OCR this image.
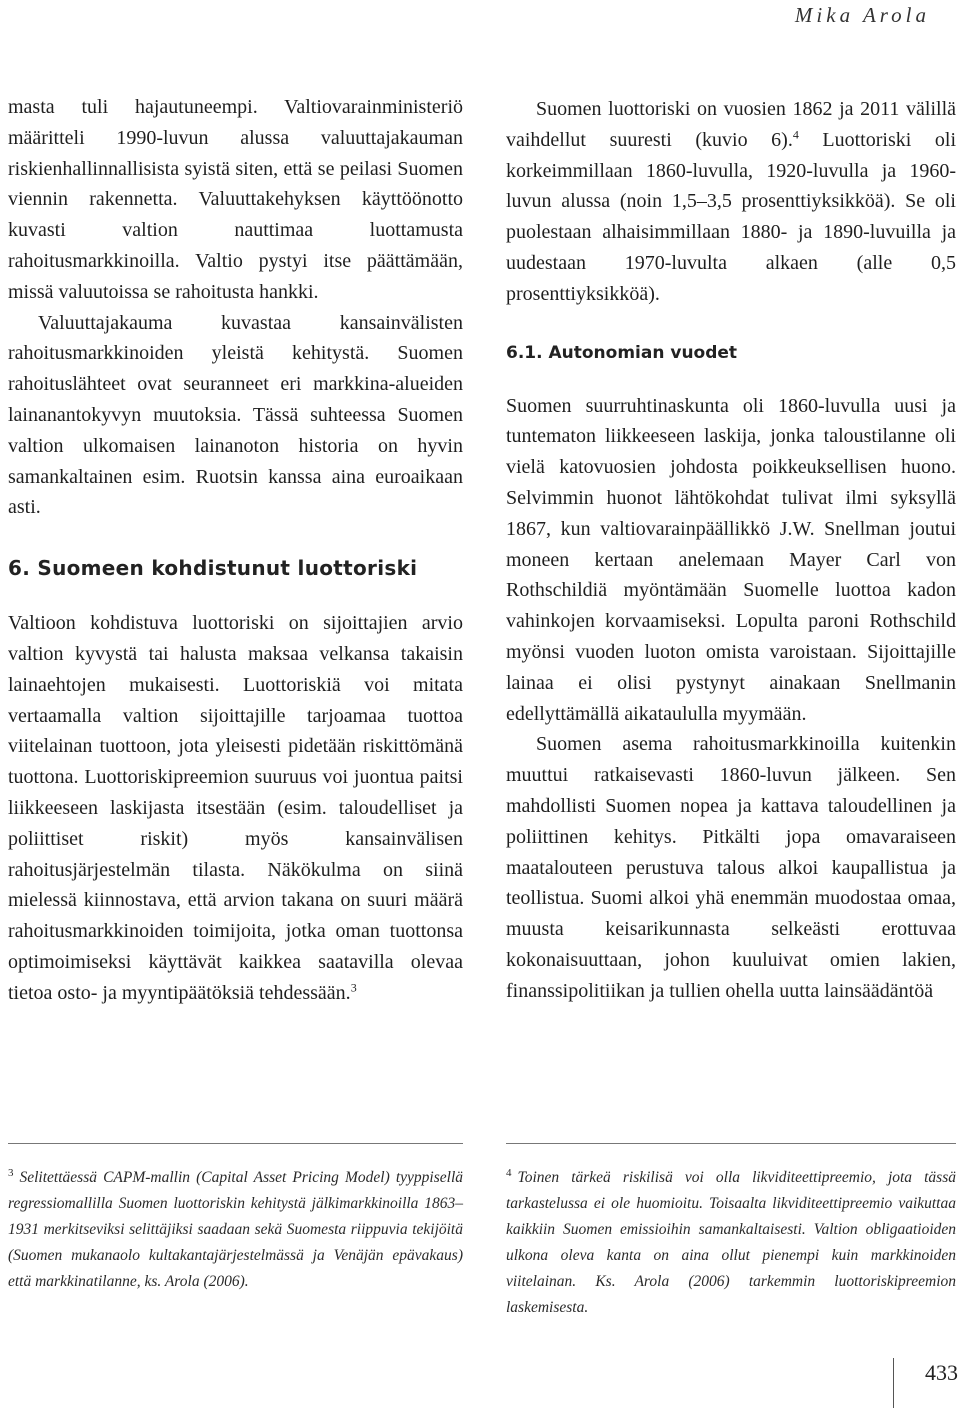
Mika Arola

masta tuli hajautuneempi. Valtiovarainministeriö määritteli 1990-luvun alussa valuuttajakauman riskienhallinnallisista syistä siten, että se peilasi Suomen viennin rakennetta. Valuuttakehyksen käyttöönotto kuvasti valtion nauttimaa luottamusta rahoitusmarkkinoilla. Valtio pystyi itse päättämään, missä valuutoissa se rahoitusta hankki.

Valuuttajakauma kuvastaa kansainvälisten rahoitusmarkkinoiden yleistä kehitystä. Suomen rahoituslähteet ovat seuranneet eri markkina-alueiden lainanantokyvyn muutoksia. Tässä suhteessa Suomen valtion ulkomaisen lainanoton historia on hyvin samankaltainen esim. Ruotsin kanssa aina euroaikaan asti.

6. Suomeen kohdistunut luottoriski

Valtioon kohdistuva luottoriski on sijoittajien arvio valtion kyvystä tai halusta maksaa velkansa takaisin lainaehtojen mukaisesti. Luottoriskiä voi mitata vertaamalla valtion sijoittajille tarjoamaa tuottoa viitelainan tuottoon, jota yleisesti pidetään riskittömänä tuottona. Luottoriskipreemion suuruus voi juontua paitsi liikkeeseen laskijasta itsestään (esim. taloudelliset ja poliittiset riskit) myös kansainvälisen rahoitusjärjestelmän tilasta. Näkökulma on siinä mielessä kiinnostava, että arvion takana on suuri määrä rahoitusmarkkinoiden toimijoita, jotka oman tuottonsa optimoimiseksi käyttävät kaikkea saatavilla olevaa tietoa osto- ja myyntipäätöksiä tehdessään.$^3$

Suomen luottoriski on vuosien 1862 ja 2011 välillä vaihdellut suuresti (kuvio 6).$^4$ Luottoriski oli korkeimmillaan 1860-luvulla, 1920-luvulla ja 1960-luvun alussa (noin 1,5–3,5 prosenttiyksikköä). Se oli puolestaan alhaisimmillaan 1880- ja 1890-luvuilla ja uudestaan 1970-luvulta alkaen (alle 0,5 prosenttiyksikköä).

6.1. Autonomian vuodet

Suomen suurruhtinaskunta oli 1860-luvulla uusi ja tuntematon liikkeeseen laskija, jonka taloustilanne oli vielä katovuosien johdosta poikkeuksellisen huono. Selvimmin huonot lähtökohdat tulivat ilmi syksyllä 1867, kun valtiovarainpäällikkö J.W. Snellman joutui moneen kertaan anelemaan Mayer Carl von Rothschildiä myöntämään Suomelle luottoa kadon vahinkojen korvaamiseksi. Lopulta paroni Rothschild myönsi vuoden luoton omista varoistaan. Sijoittajille lainaa ei olisi pystynyt ainakaan Snellmanin edellyttämällä aikataululla myymään.

Suomen asema rahoitusmarkkinoilla kuitenkin muuttui ratkaisevasti 1860-luvun jälkeen. Sen mahdollisti Suomen nopea ja kattava taloudellinen ja poliittinen kehitys. Pitkälti jopa omavaraiseen maatalouteen perustuva talous alkoi kaupallistua ja teollistua. Suomi alkoi yhä enemmän muodostaa omaa, muusta keisarikunnasta selkeästi erottuvaa kokonaisuuttaan, johon kuuluivat omien lakien, finanssipolitiikan ja tullien ohella uutta lainsäädäntöä

$^3$ Selitettäessä CAPM-mallin (Capital Asset Pricing Model) tyyppisellä regressiomallilla Suomen luottoriskin kehitystä jälkimarkkinoilla 1863–1931 merkitseviksi selittäjiksi saadaan sekä Suomesta riippuvia tekijöitä (Suomen mukanaolo kultakantajärjestelmässä ja Venäjän epävakaus) että markkinatilanne, ks. Arola (2006).
$^4$ Toinen tärkeä riskilisä voi olla likviditeettipreemio, jota tässä tarkastelussa ei ole huomioitu. Toisaalta likviditeettipreemio vaikuttaa kaikkiin Suomen emissioihin samankaltaisesti. Valtion obligaatioiden ulkona oleva kanta on aina ollut pienempi kuin markkinoiden viitelainan. Ks. Arola (2006) tarkemmin luottoriskipreemion laskemisesta.
433
